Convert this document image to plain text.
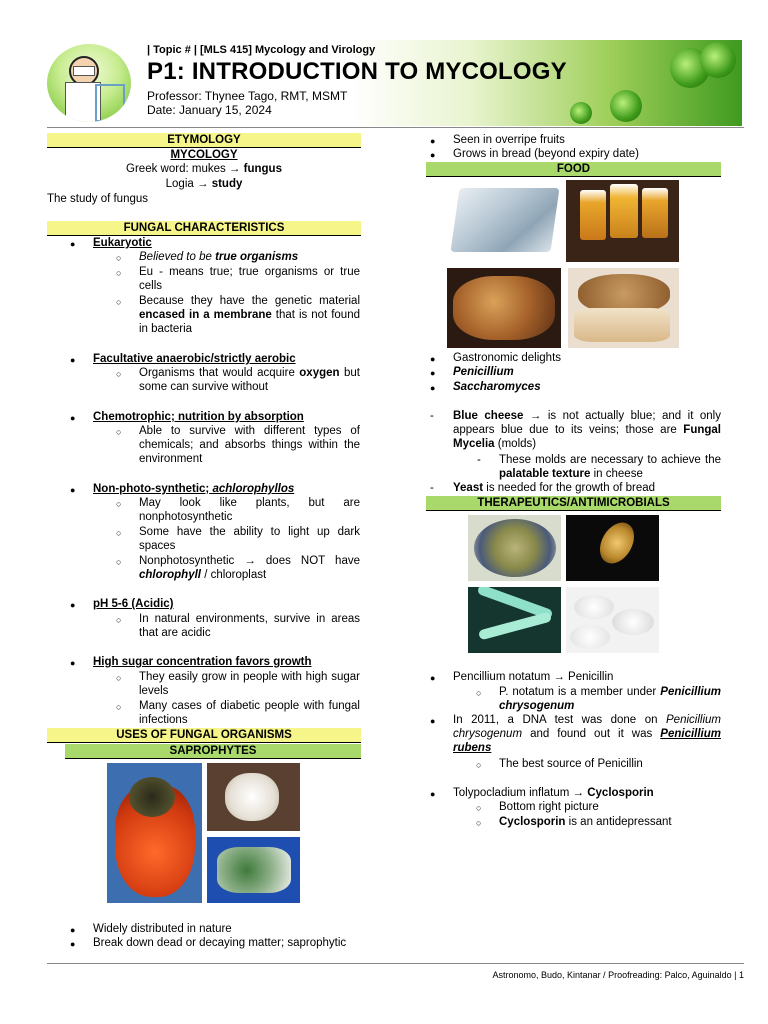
| Topic # | [MLS 415] Mycology and Virology
P1: INTRODUCTION TO MYCOLOGY
Professor: Thynee Tago, RMT, MSMT
Date: January 15, 2024
ETYMOLOGY
MYCOLOGY
Greek word: mukes → fungus
Logia → study
The study of fungus
FUNGAL CHARACTERISTICS
● Eukaryotic
○ Believed to be true organisms
○ Eu - means true; true organisms or true cells
○ Because they have the genetic material encased in a membrane that is not found in bacteria
● Facultative anaerobic/strictly aerobic
○ Organisms that would acquire oxygen but some can survive without
● Chemotrophic; nutrition by absorption
○ Able to survive with different types of chemicals; and absorbs things within the environment
● Non-photo-synthetic; achlorophyllos
○ May look like plants, but are nonphotosynthetic
○ Some have the ability to light up dark spaces
○ Nonphotosynthetic → does NOT have chlorophyll / chloroplast
● pH 5-6 (Acidic)
○ In natural environments, survive in areas that are acidic
● High sugar concentration favors growth
○ They easily grow in people with high sugar levels
○ Many cases of diabetic people with fungal infections
USES OF FUNGAL ORGANISMS
SAPROPHYTES
● Widely distributed in nature
● Break down dead or decaying matter; saprophytic
● Seen in overripe fruits
● Grows in bread (beyond expiry date)
FOOD
● Gastronomic delights
● Penicillium
● Saccharomyces
- Blue cheese → is not actually blue; and it only appears blue due to its veins; those are Fungal Mycelia (molds)
- These molds are necessary to achieve the palatable texture in cheese
- Yeast is needed for the growth of bread
THERAPEUTICS/ANTIMICROBIALS
● Pencillium notatum → Penicillin
○ P. notatum is a member under Penicillium chrysogenum
● In 2011, a DNA test was done on Penicillium chrysogenum and found out it was Penicillium rubens
○ The best source of Penicillin
● Tolypocladium inflatum → Cyclosporin
○ Bottom right picture
○ Cyclosporin is an antidepressant
Astronomo, Budo, Kintanar / Proofreading: Palco, Aguinaldo | 1
